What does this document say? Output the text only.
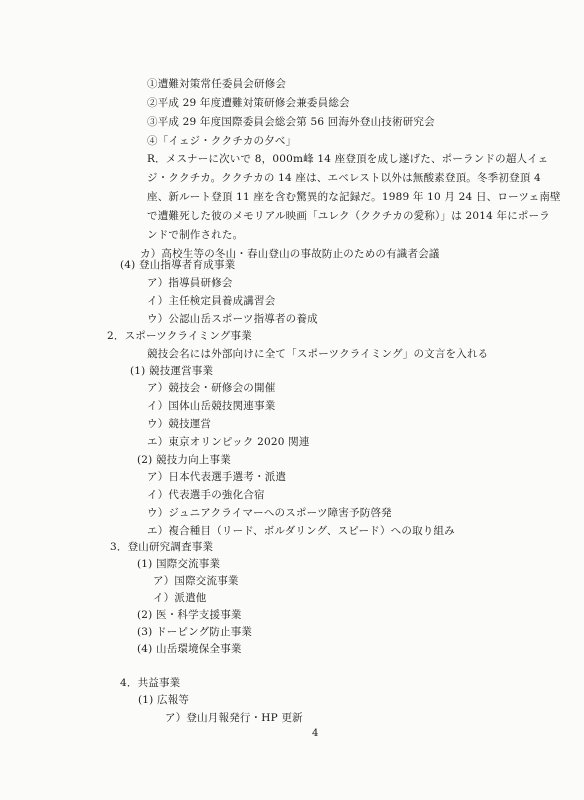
①遭難対策常任委員会研修会
②平成 29 年度遭難対策研修会兼委員総会
③平成 29 年度国際委員会総会第 56 回海外登山技術研究会
④「イェジ・ククチカの夕べ」
R．メスナーに次いで 8，000m峰 14 座登頂を成し遂げた、ポーランドの超人イェ
ジ・ククチカ。ククチカの 14 座は、エベレスト以外は無酸素登頂。冬季初登頂 4
座、新ルート登頂 11 座を含む驚異的な記録だ。1989 年 10 月 24 日、ローツェ南壁
で遭難死した彼のメモリアル映画「ユレク（ククチカの愛称）」は 2014 年にポーラ
ンドで制作された。
カ）高校生等の冬山・春山登山の事故防止のための有識者会議
(4) 登山指導者育成事業
ア）指導員研修会
イ）主任検定員養成講習会
ウ）公認山岳スポーツ指導者の養成
2．スポーツクライミング事業
競技会名には外部向けに全て「スポーツクライミング」の文言を入れる
(1) 競技運営事業
ア）競技会・研修会の開催
イ）国体山岳競技関連事業
ウ）競技運営
エ）東京オリンピック 2020 関連
(2) 競技力向上事業
ア）日本代表選手選考・派遣
イ）代表選手の強化合宿
ウ）ジュニアクライマーへのスポーツ障害予防啓発
エ）複合種目（リード、ボルダリング、スピード）への取り組み
3．登山研究調査事業
(1) 国際交流事業
ア）国際交流事業
イ）派遣他
(2) 医・科学支援事業
(3) ドーピング防止事業
(4) 山岳環境保全事業
4．共益事業
(1) 広報等
ア）登山月報発行・HP 更新
4
